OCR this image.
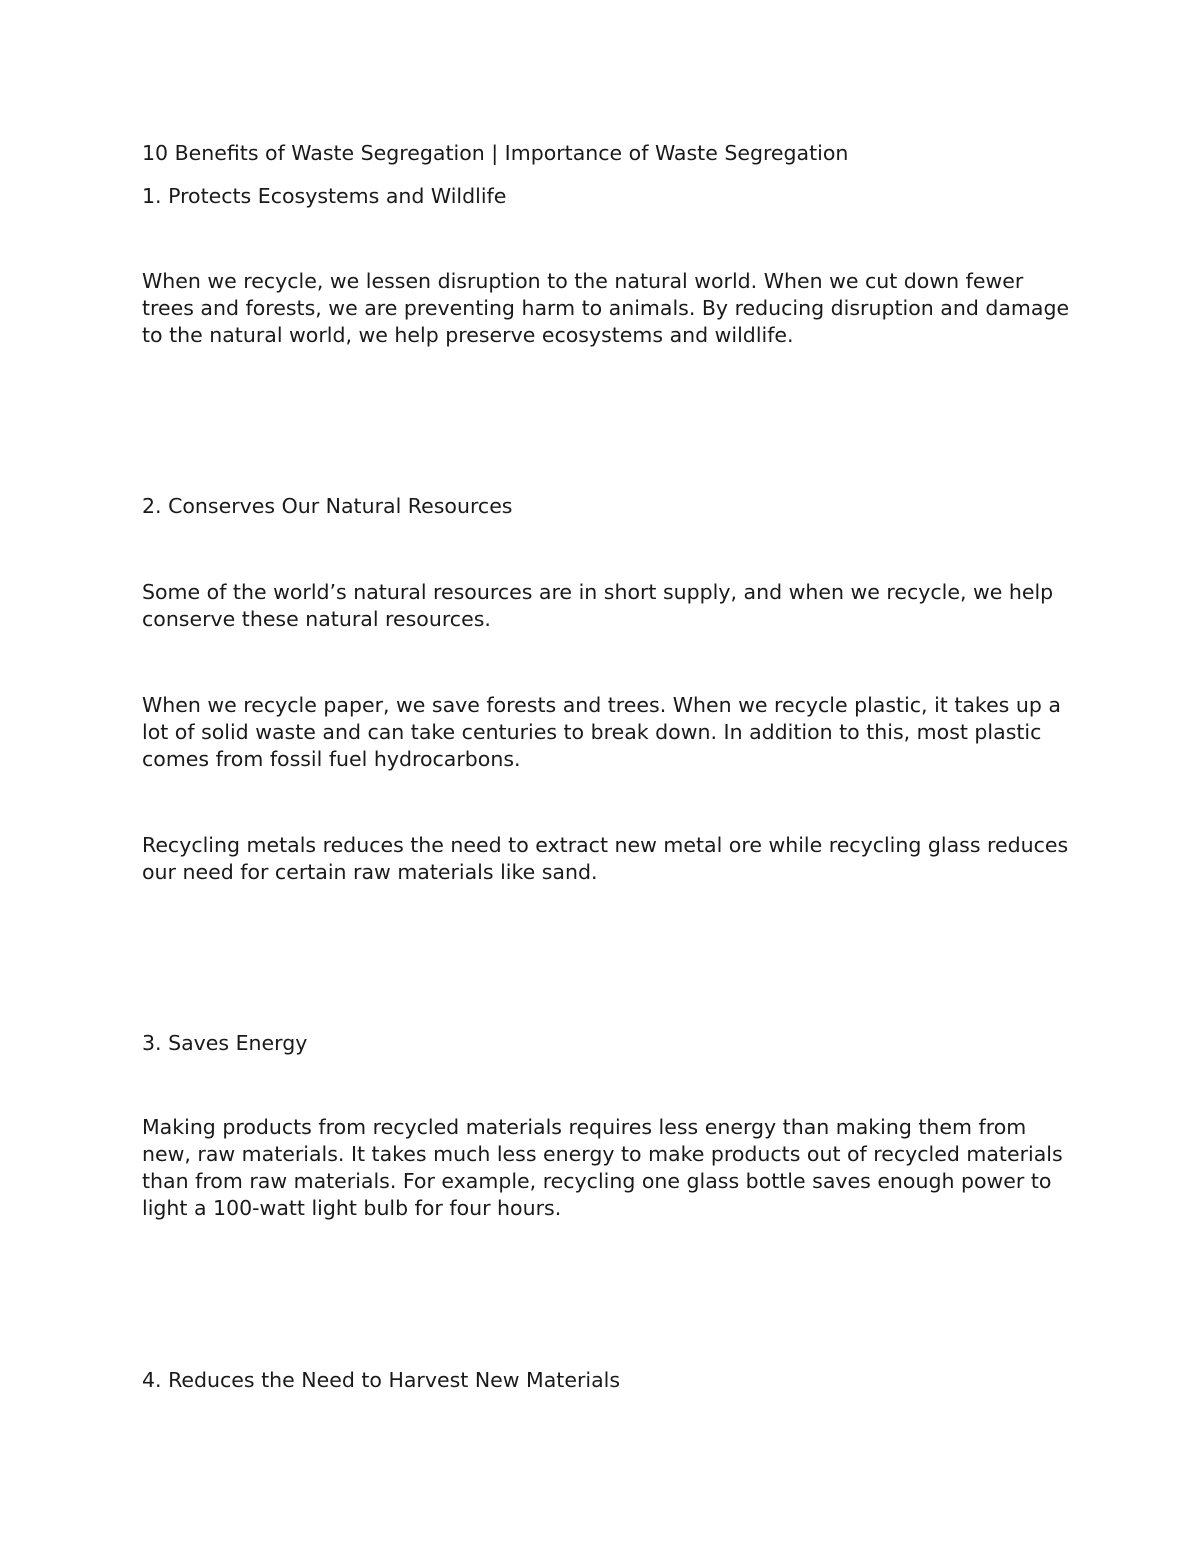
10 Benefits of Waste Segregation | Importance of Waste Segregation

1. Protects Ecosystems and Wildlife

When we recycle, we lessen disruption to the natural world. When we cut down fewer trees and forests, we are preventing harm to animals. By reducing disruption and damage to the natural world, we help preserve ecosystems and wildlife.

2. Conserves Our Natural Resources

Some of the world’s natural resources are in short supply, and when we recycle, we help conserve these natural resources.

When we recycle paper, we save forests and trees. When we recycle plastic, it takes up a lot of solid waste and can take centuries to break down. In addition to this, most plastic comes from fossil fuel hydrocarbons.

Recycling metals reduces the need to extract new metal ore while recycling glass reduces our need for certain raw materials like sand.

3. Saves Energy

Making products from recycled materials requires less energy than making them from new, raw materials. It takes much less energy to make products out of recycled materials than from raw materials. For example, recycling one glass bottle saves enough power to light a 100-watt light bulb for four hours.

4. Reduces the Need to Harvest New Materials
